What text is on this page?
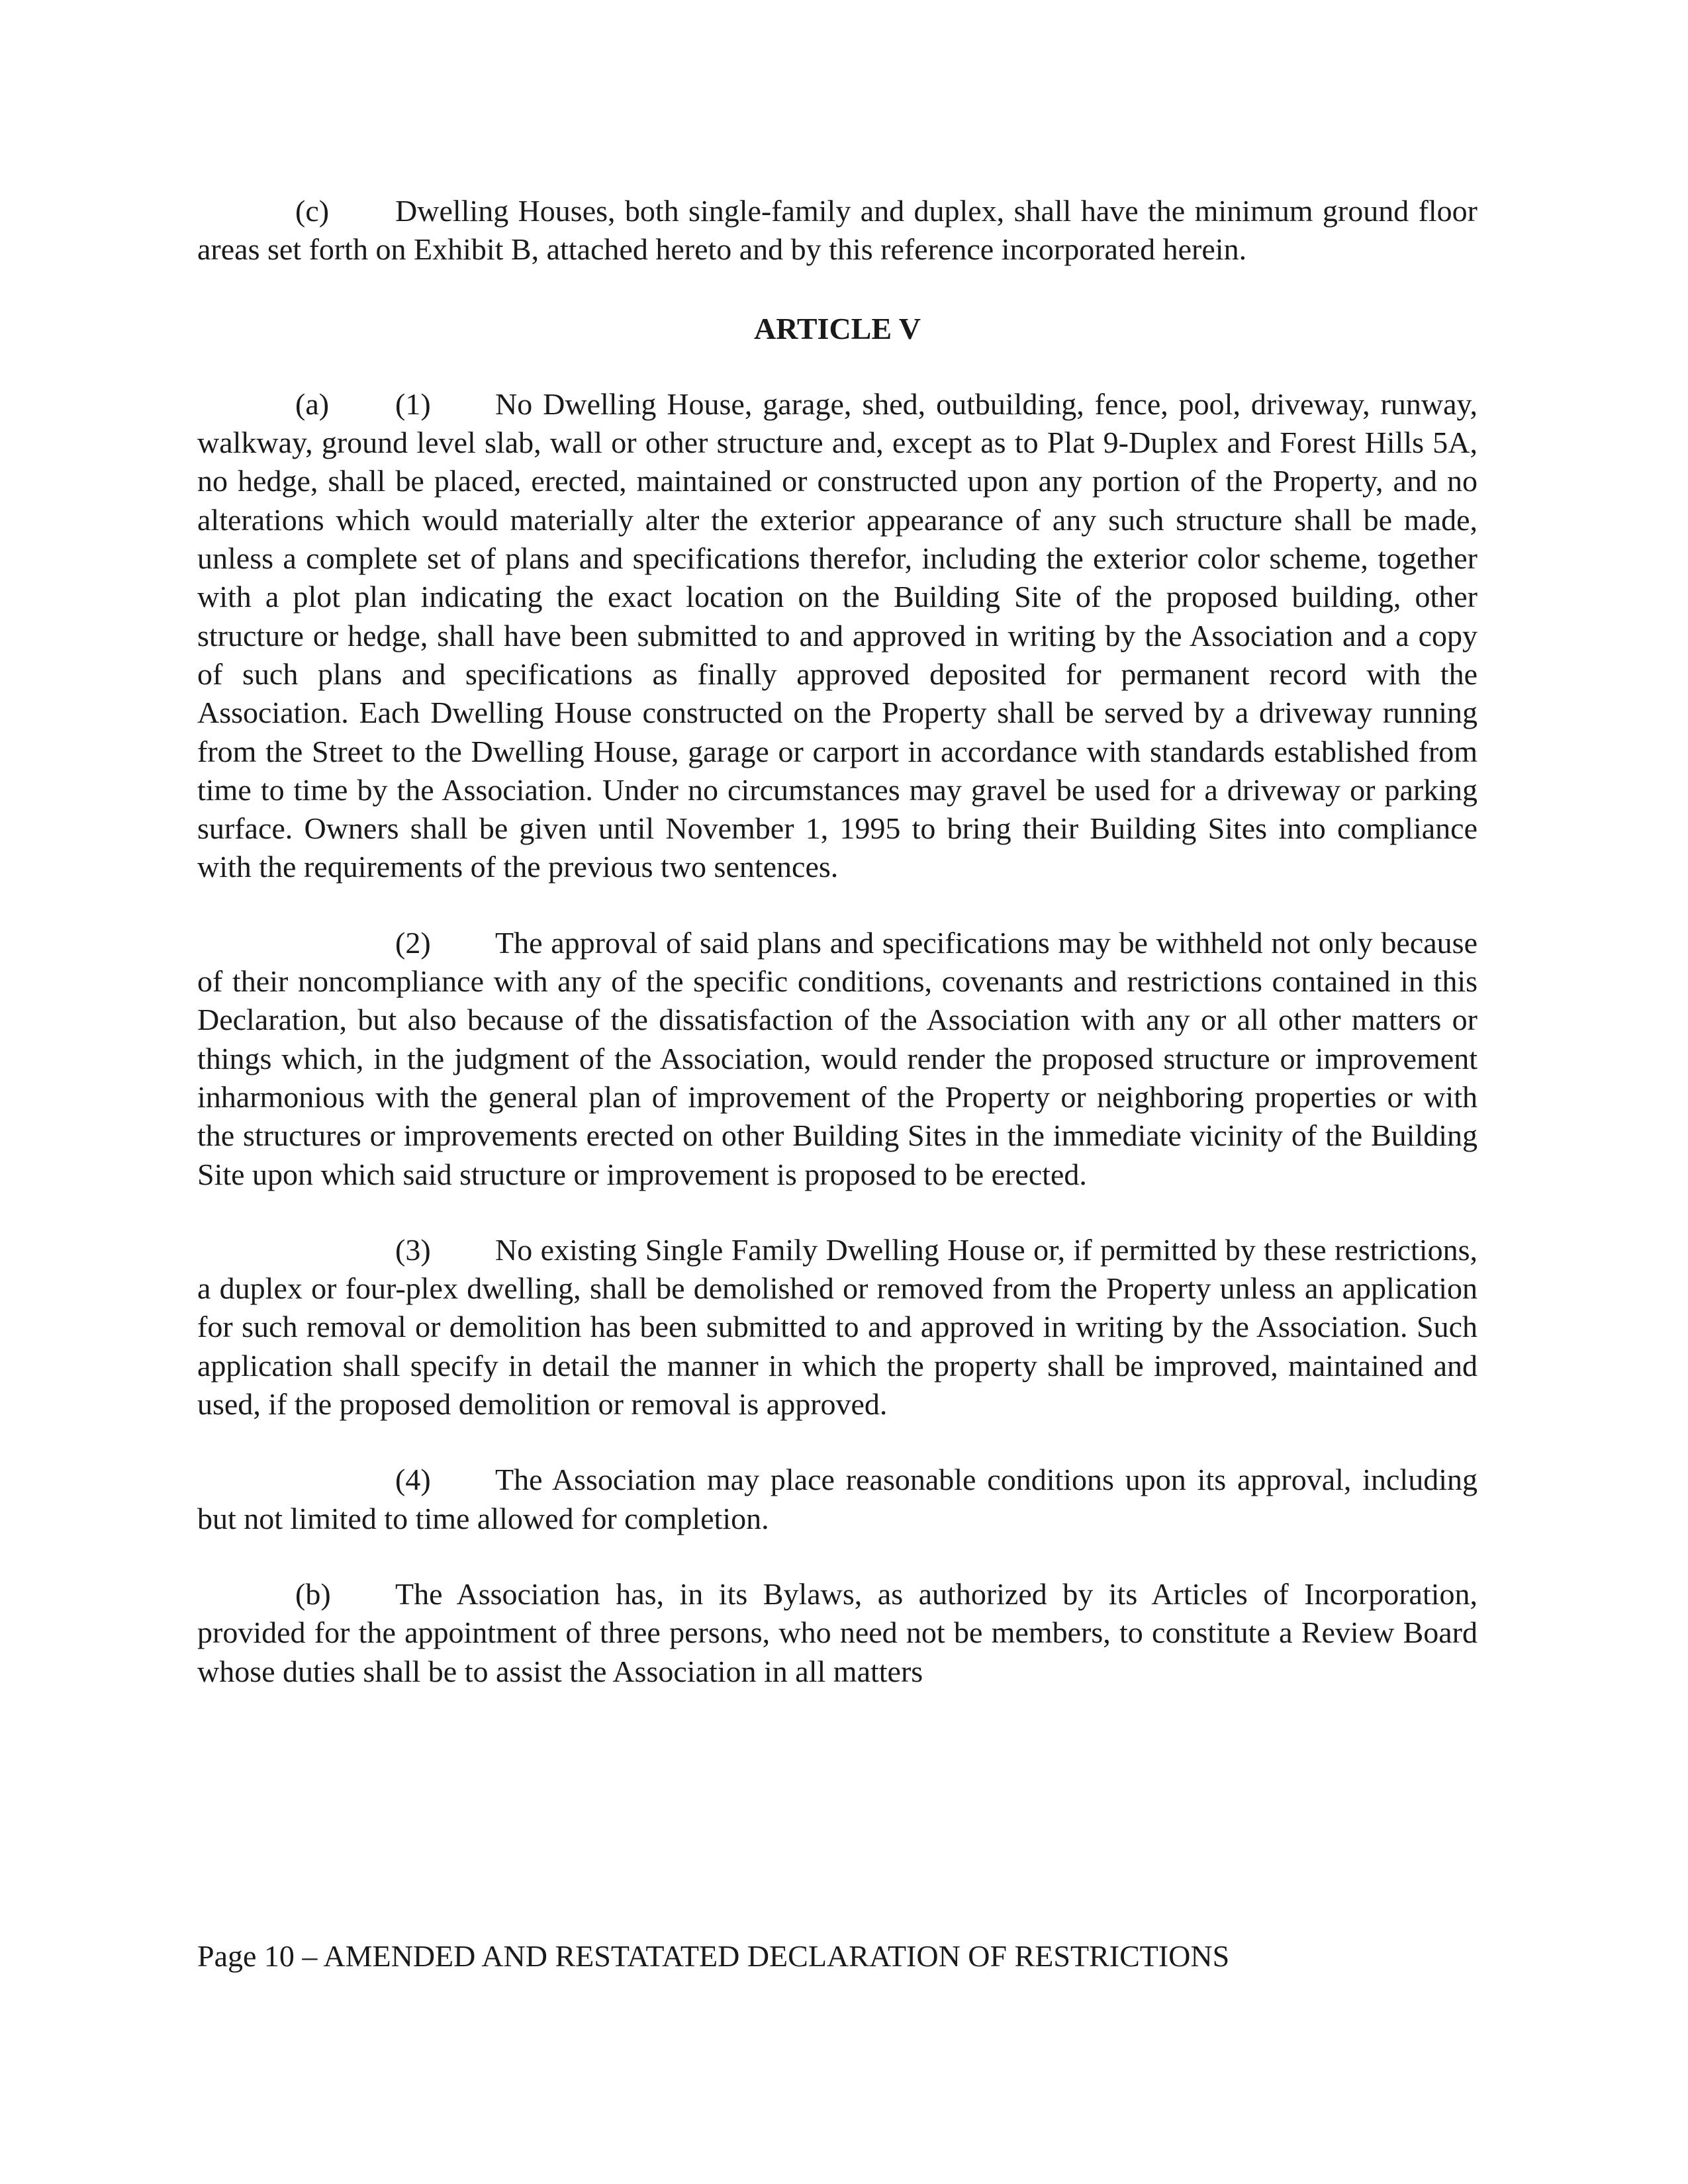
(c) Dwelling Houses, both single-family and duplex, shall have the minimum ground floor areas set forth on Exhibit B, attached hereto and by this reference incorporated herein.

ARTICLE V

(a) (1) No Dwelling House, garage, shed, outbuilding, fence, pool, driveway, runway, walkway, ground level slab, wall or other structure and, except as to Plat 9-Duplex and Forest Hills 5A, no hedge, shall be placed, erected, maintained or constructed upon any portion of the Property, and no alterations which would materially alter the exterior appearance of any such structure shall be made, unless a complete set of plans and specifications therefor, including the exterior color scheme, together with a plot plan indicating the exact location on the Building Site of the proposed building, other structure or hedge, shall have been submitted to and approved in writing by the Association and a copy of such plans and specifications as finally approved deposited for permanent record with the Association. Each Dwelling House constructed on the Property shall be served by a driveway running from the Street to the Dwelling House, garage or carport in accordance with standards established from time to time by the Association. Under no circumstances may gravel be used for a driveway or parking surface. Owners shall be given until November 1, 1995 to bring their Building Sites into compliance with the requirements of the previous two sentences.

(2) The approval of said plans and specifications may be withheld not only because of their noncompliance with any of the specific conditions, covenants and restrictions contained in this Declaration, but also because of the dissatisfaction of the Association with any or all other matters or things which, in the judgment of the Association, would render the proposed structure or improvement inharmonious with the general plan of improvement of the Property or neighboring properties or with the structures or improvements erected on other Building Sites in the immediate vicinity of the Building Site upon which said structure or improvement is proposed to be erected.

(3) No existing Single Family Dwelling House or, if permitted by these restrictions, a duplex or four-plex dwelling, shall be demolished or removed from the Property unless an application for such removal or demolition has been submitted to and approved in writing by the Association. Such application shall specify in detail the manner in which the property shall be improved, maintained and used, if the proposed demolition or removal is approved.

(4) The Association may place reasonable conditions upon its approval, including but not limited to time allowed for completion.

(b) The Association has, in its Bylaws, as authorized by its Articles of Incorporation, provided for the appointment of three persons, who need not be members, to constitute a Review Board whose duties shall be to assist the Association in all matters

Page 10 – AMENDED AND RESTATATED DECLARATION OF RESTRICTIONS
